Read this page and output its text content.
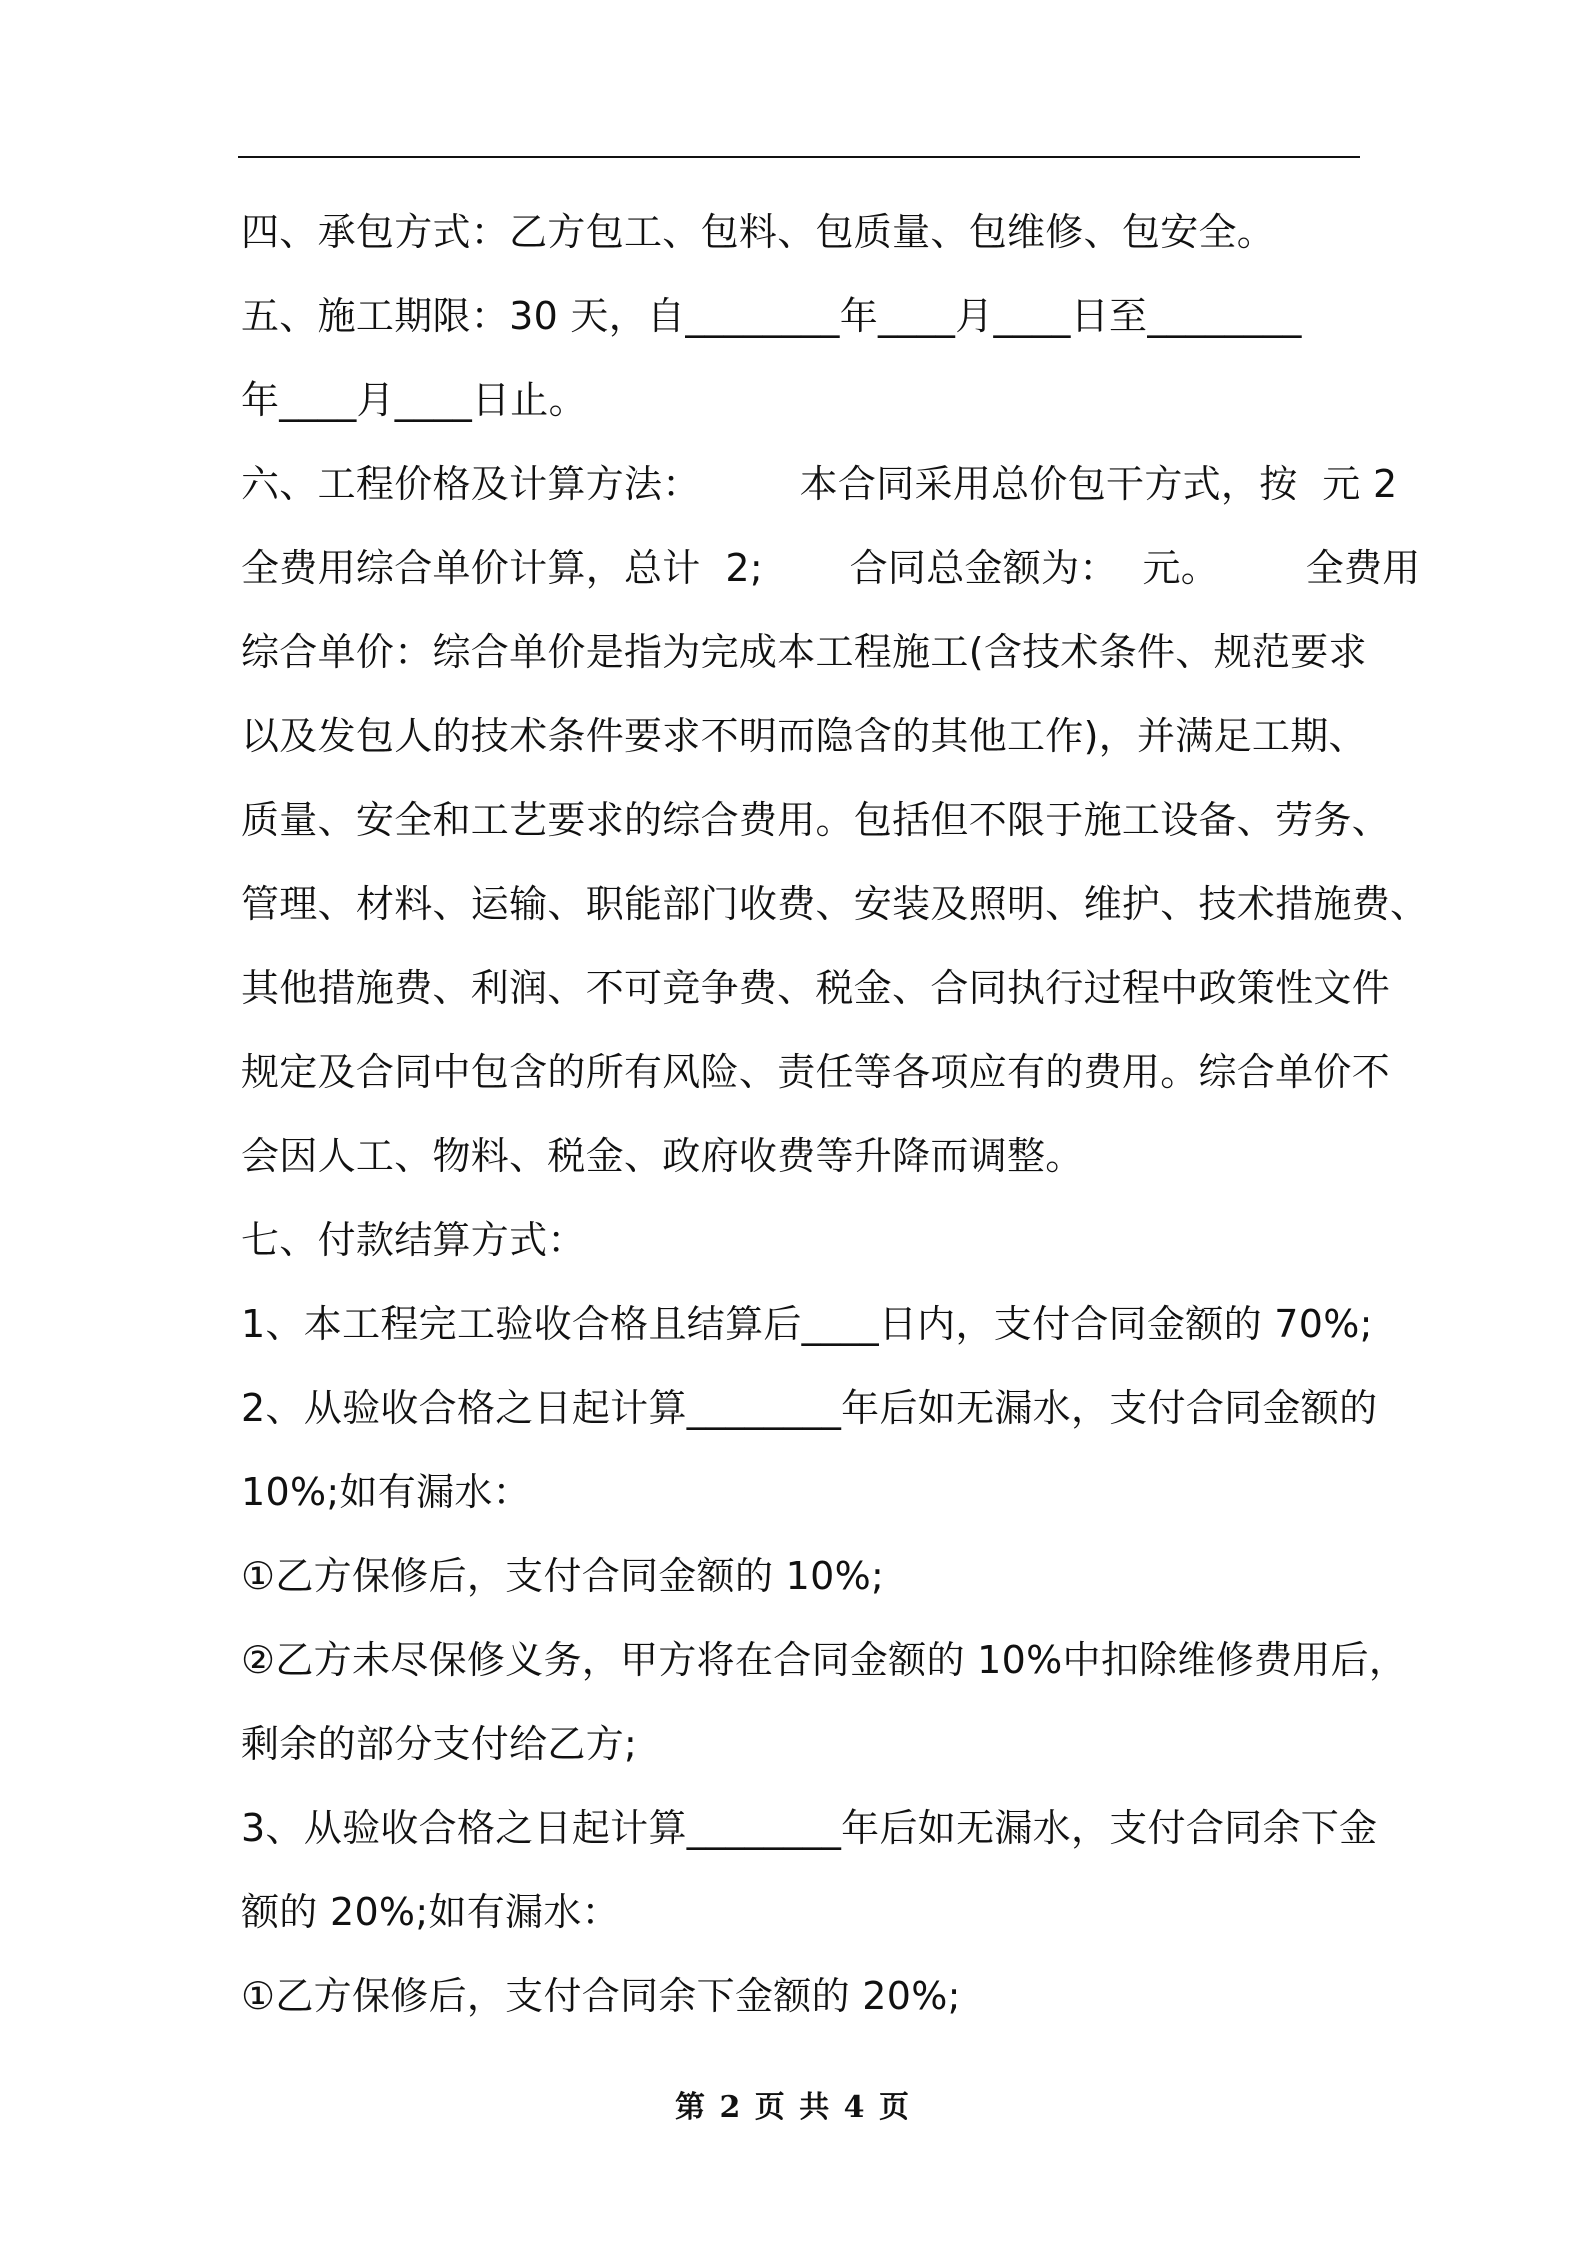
四、承包方式：乙方包工、包料、包质量、包维修、包安全。
五、施工期限：30 天，自________年____月____日至________
年____月____日止。
六、工程价格及计算方法：        本合同采用总价包干方式，按  元 2
全费用综合单价计算，总计  2;       合同总金额为：  元。       全费用
综合单价：综合单价是指为完成本工程施工(含技术条件、规范要求
以及发包人的技术条件要求不明而隐含的其他工作)，并满足工期、
质量、安全和工艺要求的综合费用。包括但不限于施工设备、劳务、
管理、材料、运输、职能部门收费、安装及照明、维护、技术措施费、
其他措施费、利润、不可竞争费、税金、合同执行过程中政策性文件
规定及合同中包含的所有风险、责任等各项应有的费用。综合单价不
会因人工、物料、税金、政府收费等升降而调整。
七、付款结算方式：
1、本工程完工验收合格且结算后____日内，支付合同金额的 70%;
2、从验收合格之日起计算________年后如无漏水，支付合同金额的
10%;如有漏水：
①乙方保修后，支付合同金额的 10%;
②乙方未尽保修义务，甲方将在合同金额的 10%中扣除维修费用后，
剩余的部分支付给乙方;
3、从验收合格之日起计算________年后如无漏水，支付合同余下金
额的 20%;如有漏水：
①乙方保修后，支付合同余下金额的 20%;
第 2 页 共 4 页
